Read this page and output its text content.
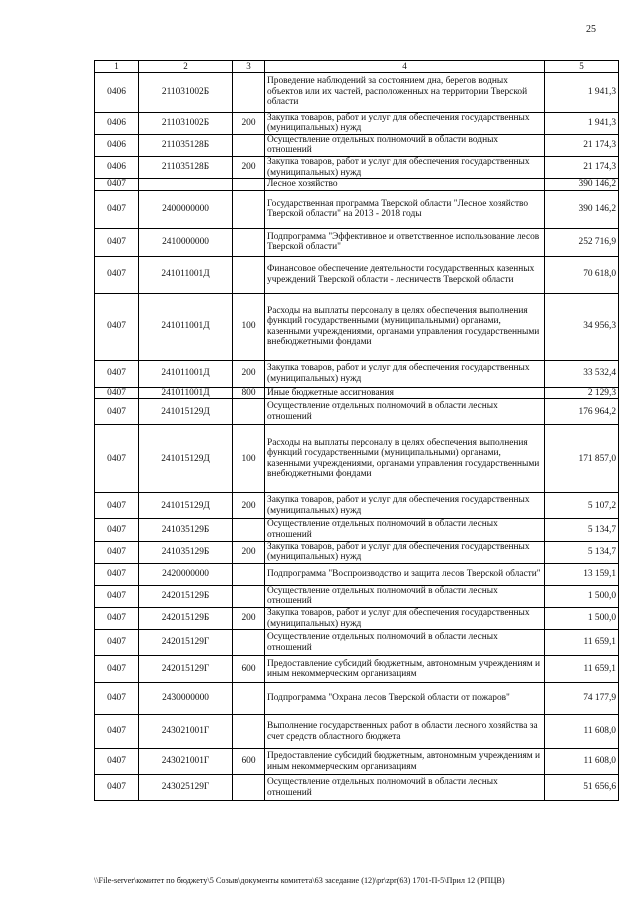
25
1	2	3	4	5
0406	211031002Б		Проведение наблюдений за состоянием дна, берегов водных объектов или их частей, расположенных на территории Тверской области	1 941,3
0406	211031002Б	200	Закупка товаров, работ и услуг для обеспечения государственных (муниципальных) нужд	1 941,3
0406	211035128Б		Осуществление отдельных полномочий в области водных отношений	21 174,3
0406	211035128Б	200	Закупка товаров, работ и услуг для обеспечения государственных (муниципальных) нужд	21 174,3
0407			Лесное хозяйство	390 146,2
0407	2400000000		Государственная программа Тверской области "Лесное хозяйство Тверской области" на 2013 - 2018 годы	390 146,2
0407	2410000000		Подпрограмма "Эффективное и ответственное использование лесов Тверской области"	252 716,9
0407	241011001Д		Финансовое обеспечение деятельности государственных казенных учреждений Тверской области - лесничеств Тверской области	70 618,0
0407	241011001Д	100	Расходы на выплаты персоналу в целях обеспечения выполнения функций государственными (муниципальными) органами, казенными учреждениями, органами управления государственными внебюджетными фондами	34 956,3
0407	241011001Д	200	Закупка товаров, работ и услуг для обеспечения государственных (муниципальных) нужд	33 532,4
0407	241011001Д	800	Иные бюджетные ассигнования	2 129,3
0407	241015129Д		Осуществление отдельных полномочий в области лесных отношений	176 964,2
0407	241015129Д	100	Расходы на выплаты персоналу в целях обеспечения выполнения функций государственными (муниципальными) органами, казенными учреждениями, органами управления государственными внебюджетными фондами	171 857,0
0407	241015129Д	200	Закупка товаров, работ и услуг для обеспечения государственных (муниципальных) нужд	5 107,2
0407	241035129Б		Осуществление отдельных полномочий в области лесных отношений	5 134,7
0407	241035129Б	200	Закупка товаров, работ и услуг для обеспечения государственных (муниципальных) нужд	5 134,7
0407	2420000000		Подпрограмма "Воспроизводство и защита лесов Тверской области"	13 159,1
0407	242015129Б		Осуществление отдельных полномочий в области лесных отношений	1 500,0
0407	242015129Б	200	Закупка товаров, работ и услуг для обеспечения государственных (муниципальных) нужд	1 500,0
0407	242015129Г		Осуществление отдельных полномочий в области лесных отношений	11 659,1
0407	242015129Г	600	Предоставление субсидий бюджетным, автономным учреждениям и иным некоммерческим организациям	11 659,1
0407	2430000000		Подпрограмма "Охрана лесов Тверской области от пожаров"	74 177,9
0407	243021001Г		Выполнение государственных работ в области лесного хозяйства за счет средств областного бюджета	11 608,0
0407	243021001Г	600	Предоставление субсидий бюджетным, автономным учреждениям и иным некоммерческим организациям	11 608,0
0407	243025129Г		Осуществление отдельных полномочий в области лесных отношений	51 656,6
\\File-server\комитет по бюджету\5 Созыв\документы комитета\63 заседание (12)\pr\zpr(63) 1701-П-5\Прил 12 (РПЦВ)
